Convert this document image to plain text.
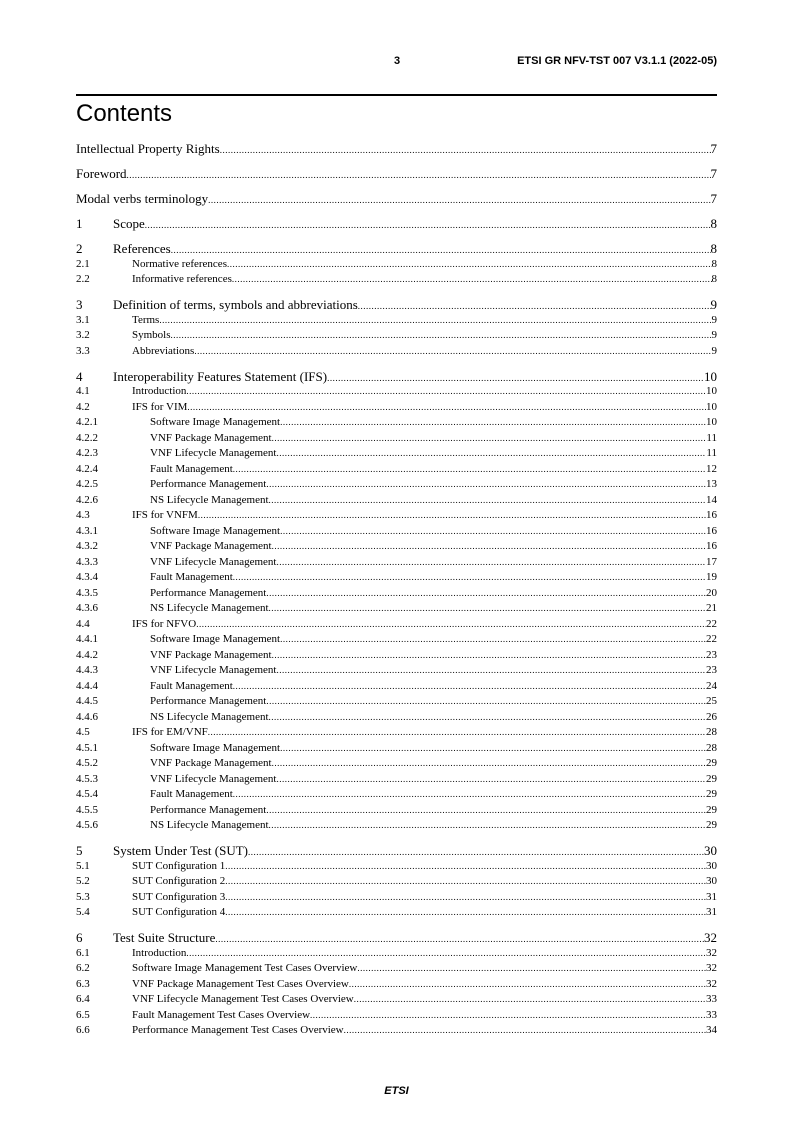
3	ETSI GR NFV-TST 007 V3.1.1 (2022-05)
Contents
Intellectual Property Rights .....	7
Foreword .....	7
Modal verbs terminology .....	7
1	Scope .....	8
2	References .....	8
2.1	Normative references .....	8
2.2	Informative references .....	8
3	Definition of terms, symbols and abbreviations .....	9
3.1	Terms .....	9
3.2	Symbols .....	9
3.3	Abbreviations .....	9
4	Interoperability Features Statement (IFS) .....	10
4.1	Introduction .....	10
4.2	IFS for VIM .....	10
4.2.1	Software Image Management .....	10
4.2.2	VNF Package Management .....	11
4.2.3	VNF Lifecycle Management .....	11
4.2.4	Fault Management .....	12
4.2.5	Performance Management .....	13
4.2.6	NS Lifecycle Management .....	14
4.3	IFS for VNFM .....	16
4.3.1	Software Image Management .....	16
4.3.2	VNF Package Management .....	16
4.3.3	VNF Lifecycle Management .....	17
4.3.4	Fault Management .....	19
4.3.5	Performance Management .....	20
4.3.6	NS Lifecycle Management .....	21
4.4	IFS for NFVO .....	22
4.4.1	Software Image Management .....	22
4.4.2	VNF Package Management .....	23
4.4.3	VNF Lifecycle Management .....	23
4.4.4	Fault Management .....	24
4.4.5	Performance Management .....	25
4.4.6	NS Lifecycle Management .....	26
4.5	IFS for EM/VNF .....	28
4.5.1	Software Image Management .....	28
4.5.2	VNF Package Management .....	29
4.5.3	VNF Lifecycle Management .....	29
4.5.4	Fault Management .....	29
4.5.5	Performance Management .....	29
4.5.6	NS Lifecycle Management .....	29
5	System Under Test (SUT) .....	30
5.1	SUT Configuration 1 .....	30
5.2	SUT Configuration 2 .....	30
5.3	SUT Configuration 3 .....	31
5.4	SUT Configuration 4 .....	31
6	Test Suite Structure .....	32
6.1	Introduction .....	32
6.2	Software Image Management Test Cases Overview .....	32
6.3	VNF Package Management Test Cases Overview .....	32
6.4	VNF Lifecycle Management Test Cases Overview .....	33
6.5	Fault Management Test Cases Overview .....	33
6.6	Performance Management Test Cases Overview .....	34
ETSI
